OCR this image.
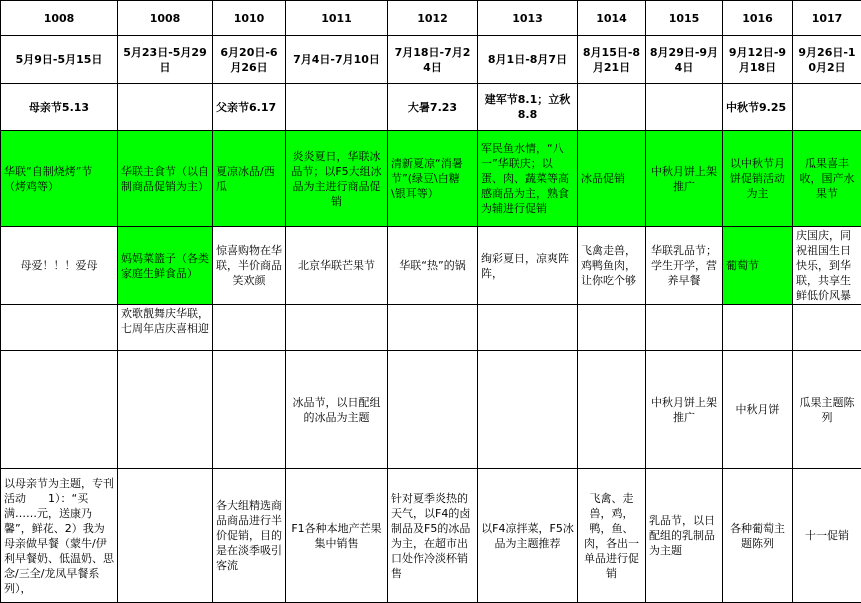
1008	1008	1010	1011	1012	1013	1014	1015	1016	1017
5月9日-5月15日	5月23日-5月29日	6月20日-6月26日	7月4日-7月10日	7月18日-7月24日	8月1日-8月7日	8月15日-8月21日	8月29日-9月4日	9月12日-9月18日	9月26日-10月2日
母亲节5.13		父亲节6.17		大暑7.23	建军节8.1；立秋8.8			中秋节9.25	
华联“自制烧烤”节（烤鸡等）	华联主食节（以自制商品促销为主）	夏凉冰品/西瓜	炎炎夏日，华联冰品节；以F5大组冰品为主进行商品促销	清新夏凉“消暑节”(绿豆\白糖\银耳等）	军民鱼水情，“八一”华联庆；以蛋、肉、蔬菜等高感商品为主，熟食为辅进行促销	冰品促销	中秋月饼上架推广	以中秋节月饼促销活动为主	瓜果喜丰收，国产水果节
母爱！！！爱母	妈妈菜篮子（各类家庭生鲜食品）	惊喜购物在华联，半价商品笑欢颜	北京华联芒果节	华联“热”的锅	绚彩夏日，凉爽阵阵，	飞禽走兽，鸡鸭鱼肉，让你吃个够	华联乳品节；学生开学，营养早餐	葡萄节	庆国庆，同祝祖国生日快乐，到华联，共享生鲜低价风暴
	欢歌靓舞庆华联，七周年店庆喜相迎								
			冰品节，以日配组的冰品为主题				中秋月饼上架推广	中秋月饼	瓜果主题陈列
以母亲节为主题，专刊活动　　1）：“买满……元，送康乃馨”，鲜花、2）我为母亲做早餐（蒙牛/伊利早餐奶、低温奶、思念/三全/龙凤早餐系列），		各大组精选商品商品进行半价促销，目的是在淡季吸引客流	F1各种本地产芒果集中销售	针对夏季炎热的天气，以F4的卤制品及F5的冰品为主，在超市出口处作冷淡杯销售	以F4凉拌菜，F5冰品为主题推荐	飞禽、走兽，鸡，鸭，鱼、肉，各出一单品进行促销	乳品节，以日配组的乳制品为主题	各种葡萄主题陈列	十一促销
